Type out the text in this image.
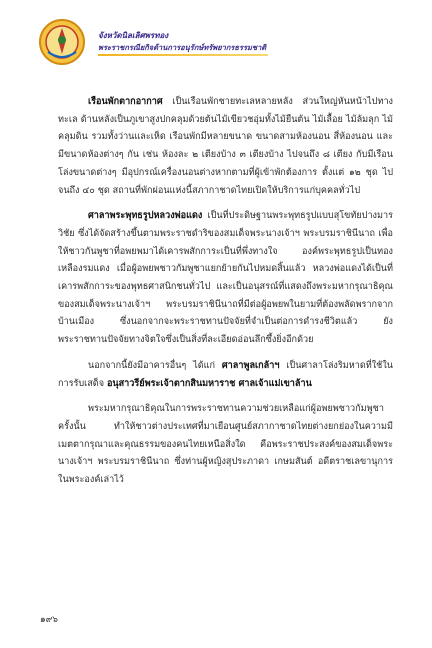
จังหวัดนิลเลิศพรทอง
พระราชกรณียกิจด้านการอนุรักษ์ทรัพยากรธรรมชาติ

เรือนพักตากอากาศ เป็นเรือนพักชายทะเลหลายหลัง ส่วนใหญ่หันหน้าไปทางทะเล ด้านหลังเป็นภูเขาสูงปกคลุมด้วยต้นไม้เขียวชอุ่มทั้งไม้ยืนต้น ไม้เลื้อย ไม้ล้มลุก ไม้คลุมดิน รวมทั้งว่านและเห็ด เรือนพักมีหลายขนาด ขนาดสามห้องนอน สี่ห้องนอน และมีขนาดห้องต่างๆ กัน เช่น ห้องละ ๒ เตียงบ้าง ๓ เตียงบ้าง ไปจนถึง ๘ เตียง กับมีเรือนโล่งขนาดต่างๆ มีอุปกรณ์เครื่องนอนต่างหากตามที่ผู้เข้าพักต้องการ ตั้งแต่ ๑๒ ชุด ไปจนถึง ๔๐ ชุด สถานที่พักผ่อนแห่งนี้สภากาชาดไทยเปิดให้บริการแก่บุคคลทั่วไป

ศาลาพระพุทธรูปหลวงพ่อแดง เป็นที่ประดิษฐานพระพุทธรูปแบบสุโขทัยปางมารวิชัย ซึ่งได้จัดสร้างขึ้นตามพระราชดำริของสมเด็จพระนางเจ้าฯ พระบรมราชินีนาถ เพื่อให้ชาวกันพูชาที่อพยพมาได้เคารพสักการะเป็นที่พึ่งทางใจ องค์พระพุทธรูปเป็นทองเหลืองรมแดง เมื่อผู้อพยพชาวกัมพูชาแยกย้ายกันไปหมดสิ้นแล้ว หลวงพ่อแดงได้เป็นที่เคารพสักการะของพุทธศาสนิกชนทั่วไป และเป็นอนุสรณ์ที่แสดงถึงพระมหากรุณาธิคุณของสมเด็จพระนางเจ้าฯ พระบรมราชินีนาถที่มีต่อผู้อพยพในยามที่ต้องพลัดพรากจากบ้านเมือง ซึ่งนอกจากจะพระราชทานปัจจัยที่จำเป็นต่อการดำรงชีวิตแล้ว ยังพระราชทานปัจจัยทางจิตใจซึ่งเป็นสิ่งที่ละเอียดอ่อนลึกซึ้งยิ่งอีกด้วย

นอกจากนี้ยังมีอาคารอื่นๆ ได้แก่ ศาลาพูลเกล้าฯ เป็นศาลาโล่งริมหาดที่ใช้ในการรับเสด็จ อนุสาวรีย์พระเจ้าตากสินมหาราช ศาลเจ้าแม่เขาล้าน

พระมหากรุณาธิคุณในการพระราชทานความช่วยเหลือแก่ผู้อพยพชาวกัมพูชาครั้งนั้น ทำให้ชาวต่างประเทศที่มาเยือนศูนย์สภากาชาดไทยต่างยกย่องในความมีเมตตากรุณาและคุณธรรมของคนไทยเหนือสิ่งใด คือพระราชประสงค์ของสมเด็จพระนางเจ้าฯ พระบรมราชินีนาถ ซึ่งท่านผู้หญิงสุประภาดา เกษมสันต์ อดีตราชเลขานุการในพระองค์เล่าไว้

๑๙๖
